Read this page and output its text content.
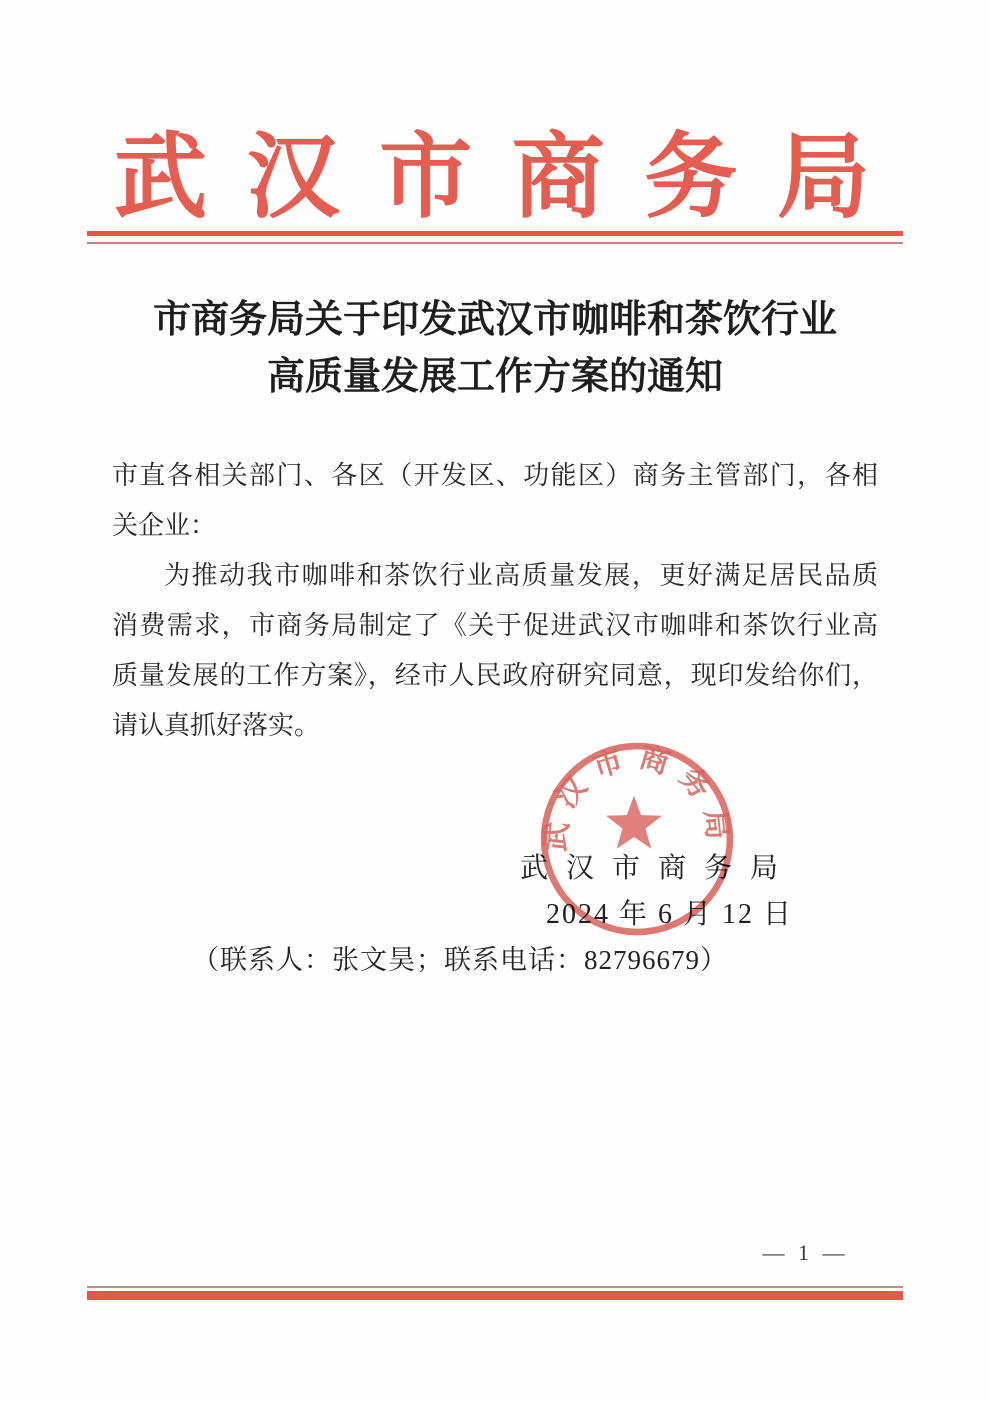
武 汉 市 商 务 局
市商务局关于印发武汉市咖啡和茶饮行业
高质量发展工作方案的通知
市直各相关部门、各区（开发区、功能区）商务主管部门，各相
关企业：
为推动我市咖啡和茶饮行业高质量发展，更好满足居民品质
消费需求，市商务局制定了《关于促进武汉市咖啡和茶饮行业高
质量发展的工作方案》，经市人民政府研究同意，现印发给你们，
请认真抓好落实。
武汉市商务局
2024 年 6 月 12 日
（联系人：张文昊；联系电话：82796679）
武汉市商务局
— 1 —
